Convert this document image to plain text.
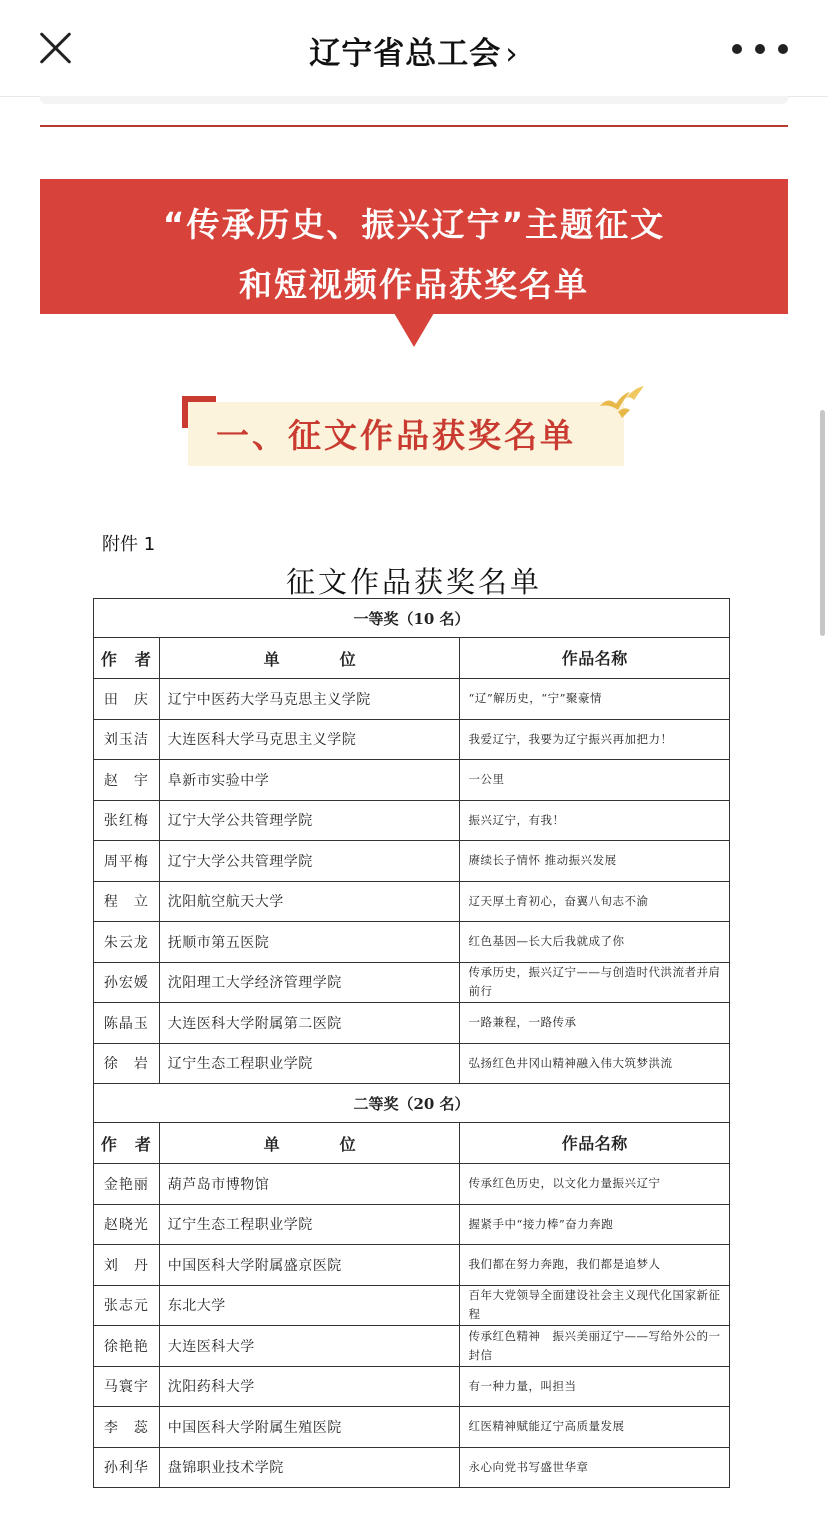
辽宁省总工会 ›
“传承历史、振兴辽宁”主题征文
和短视频作品获奖名单
一、征文作品获奖名单
附件 1
征文作品获奖名单
一等奖（10 名）		
作　者	单位	作品名称
田　庆	辽宁中医药大学马克思主义学院	“辽”解历史，“宁”聚豪情
刘玉洁	大连医科大学马克思主义学院	我爱辽宁，我要为辽宁振兴再加把力！
赵　宇	阜新市实验中学	一公里
张红梅	辽宁大学公共管理学院	振兴辽宁，有我！
周平梅	辽宁大学公共管理学院	赓续长子情怀 推动振兴发展
程　立	沈阳航空航天大学	辽天厚土育初心，奋翼八旬志不渝
朱云龙	抚顺市第五医院	红色基因—长大后我就成了你
孙宏媛	沈阳理工大学经济管理学院	传承历史，振兴辽宁——与创造时代洪流者并肩前行
陈晶玉	大连医科大学附属第二医院	一路兼程，一路传承
徐　岩	辽宁生态工程职业学院	弘扬红色井冈山精神融入伟大筑梦洪流
二等奖（20 名）		
作　者	单位	作品名称
金艳丽	葫芦岛市博物馆	传承红色历史，以文化力量振兴辽宁
赵晓光	辽宁生态工程职业学院	握紧手中“接力棒”奋力奔跑
刘　丹	中国医科大学附属盛京医院	我们都在努力奔跑，我们都是追梦人
张志元	东北大学	百年大党领导全面建设社会主义现代化国家新征程
徐艳艳	大连医科大学	传承红色精神　振兴美丽辽宁——写给外公的一封信
马寰宇	沈阳药科大学	有一种力量，叫担当
李　蕊	中国医科大学附属生殖医院	红医精神赋能辽宁高质量发展
孙利华	盘锦职业技术学院	永心向党书写盛世华章
